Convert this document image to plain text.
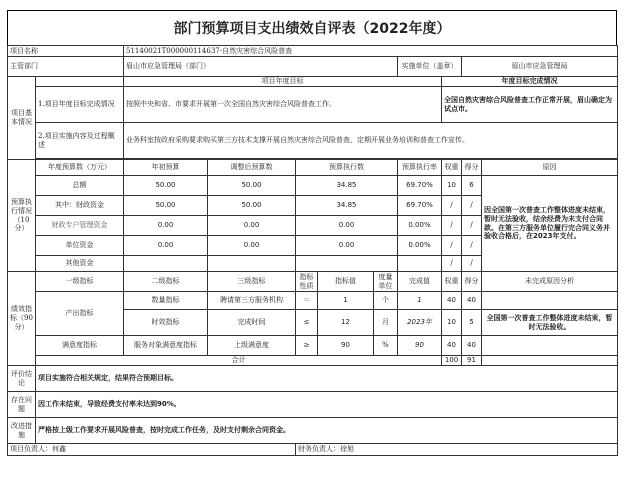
部门预算项目支出绩效自评表（2022年度）
项目名称		51140021T000000114637-自然灾害综合风险普查								
主管部门		眉山市应急管理局（部门）					实施单位（盖章）		眉山市应急管理局	
项目基本情况		项目年度目标						年度目标完成情况		
	1.项目年度目标完成情况	按照中央和省、市要求开展第一次全国自然灾害综合风险普查工作。						全国自然灾害综合风险普查工作正常开展，眉山确定为试点市。		
	2.项目实施内容及过程概述	业务科室按政府采购要求购买第三方技术支撑开展自然灾害综合风险普查，定期开展业务培训和普查工作宣传。								

预算执行情况（10分）	年度预算数（万元）	年初预算	调整后预算数	预算执行数			预算执行率	权重	得分	原因
	总额	50.00	50.00	34.85			69.70%	10	6	因全国第一次普查工作整体进度未结束，暂时无法验收，结余经费为未支付合同款。在第三方服务单位履行完合同义务并验收合格后，在2023年支付。
	其中：财政资金	50.00	50.00	34.85			69.70%	/	/	
	财政专户管理资金	0.00	0.00	0.00			0.00%	/	/	
	单位资金	0.00	0.00	0.00			0.00%	/	/	
	其他资金							/	/	
绩效指标（90分）	一级指标	二级指标	三级指标	指标性质	指标值	度量单位	完成值	权重	得分	未完成原因分析
	产出指标	数量指标	聘请第三方服务机构	＝	1	个	1	40	40	
		时效指标	完成时间	≤	12	月	2023年	10	5	全国第一次普查工作整体进度未结束，暂时无法验收。
	满意度指标	服务对象满意度指标	上级满意度	≥	90	%	90	40	40	
	合计							100	91	
评价结论	项目实施符合相关规定，结果符合预期目标。									
存在问题	因工作未结束，导致经费支付率未达到90%。									
改进措施	严格按上级工作要求开展风险普查，按时完成工作任务，及时支付剩余合同资金。									
项目负责人：何鑫				财务负责人：徐旭						
